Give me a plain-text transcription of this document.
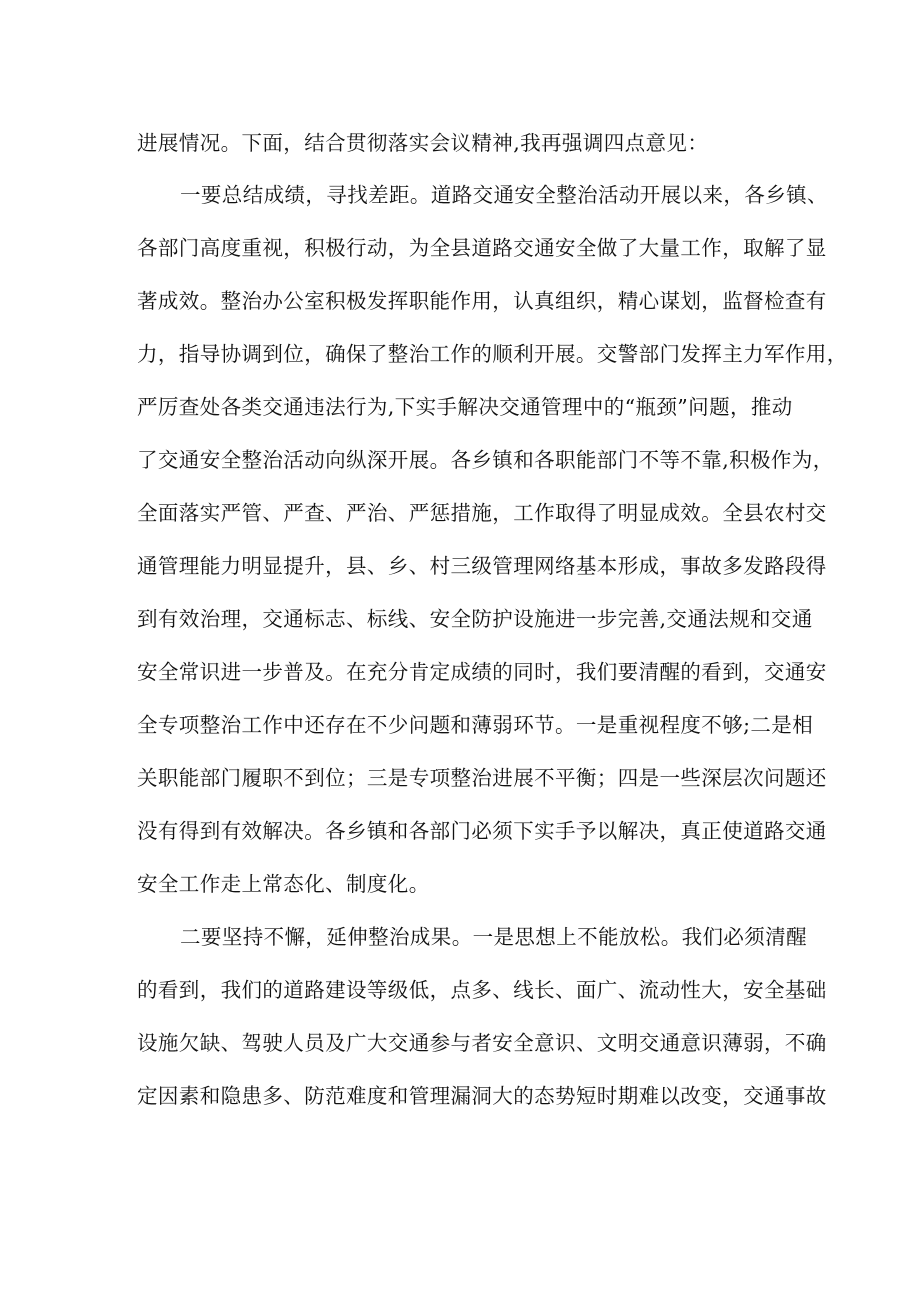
进展情况。下面，结合贯彻落实会议精神,我再强调四点意见：
一要总结成绩，寻找差距。道路交通安全整治活动开展以来，各乡镇、
各部门高度重视，积极行动，为全县道路交通安全做了大量工作，取解了显
著成效。整治办公室积极发挥职能作用，认真组织，精心谋划，监督检查有
力，指导协调到位，确保了整治工作的顺利开展。交警部门发挥主力军作用，
严厉查处各类交通违法行为,下实手解决交通管理中的“瓶颈”问题，推动
了交通安全整治活动向纵深开展。各乡镇和各职能部门不等不靠,积极作为，
全面落实严管、严查、严治、严惩措施，工作取得了明显成效。全县农村交
通管理能力明显提升，县、乡、村三级管理网络基本形成，事故多发路段得
到有效治理，交通标志、标线、安全防护设施进一步完善,交通法规和交通
安全常识进一步普及。在充分肯定成绩的同时，我们要清醒的看到，交通安
全专项整治工作中还存在不少问题和薄弱环节。一是重视程度不够;二是相
关职能部门履职不到位；三是专项整治进展不平衡；四是一些深层次问题还
没有得到有效解决。各乡镇和各部门必须下实手予以解决，真正使道路交通
安全工作走上常态化、制度化。
二要坚持不懈，延伸整治成果。一是思想上不能放松。我们必须清醒
的看到，我们的道路建设等级低，点多、线长、面广、流动性大，安全基础
设施欠缺、驾驶人员及广大交通参与者安全意识、文明交通意识薄弱，不确
定因素和隐患多、防范难度和管理漏洞大的态势短时期难以改变，交通事故
